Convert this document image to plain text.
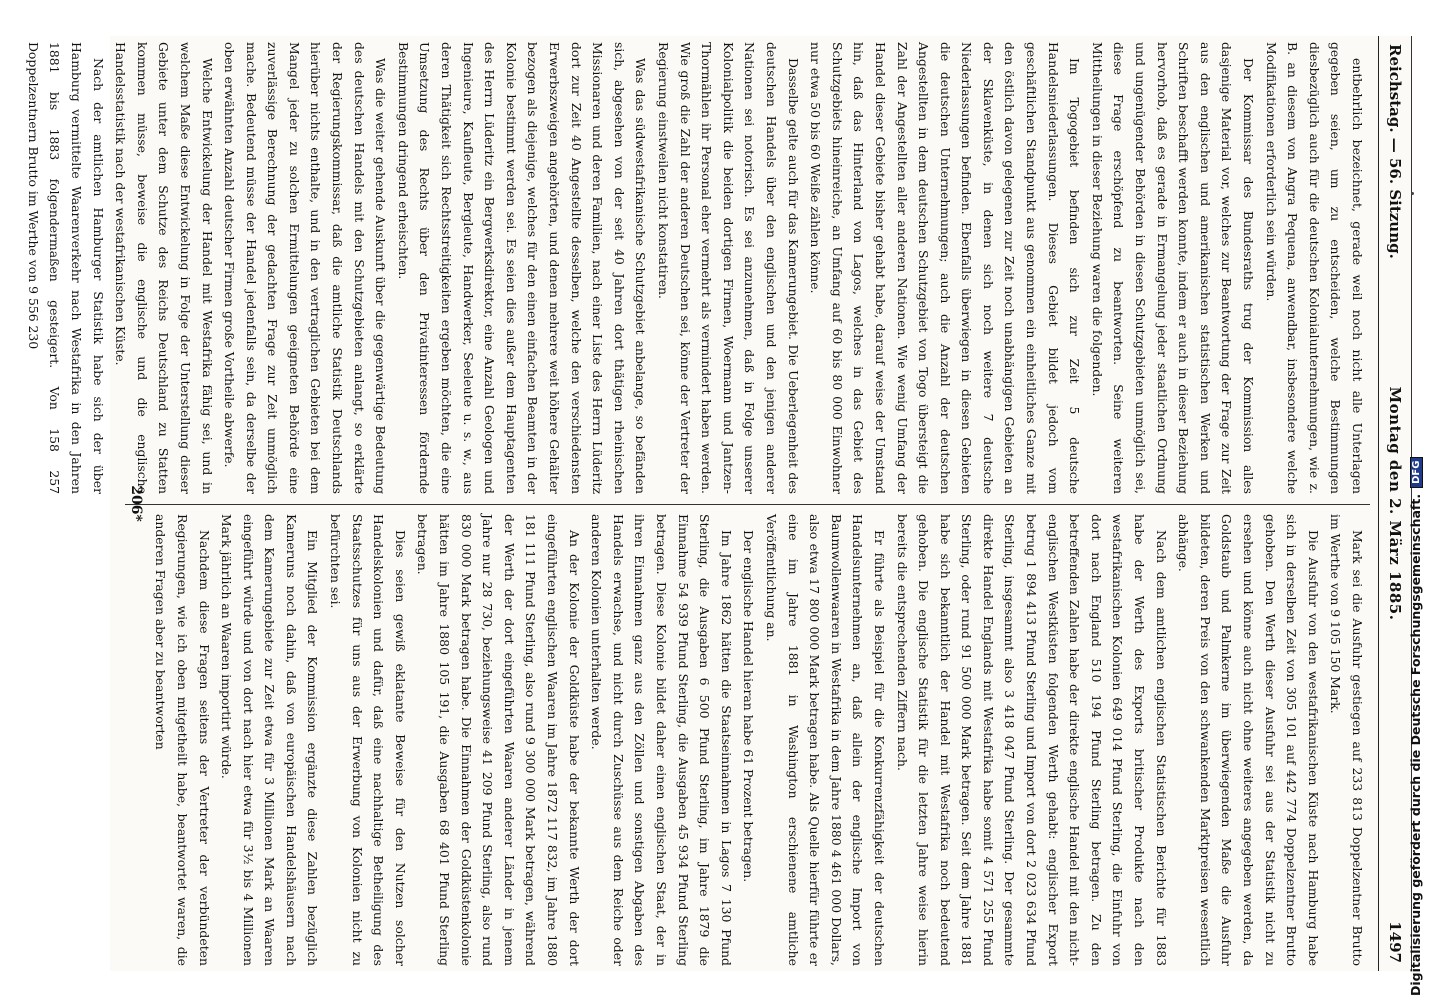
Reichstag. — 56. Sitzung.
Montag den 2. März 1885.
1497

entbehrlich bezeichnet, gerade weil noch nicht alle Unterlagen gegeben seien, um zu entscheiden, welche Bestimmungen diesbezüglich auch für die deutschen Kolonialunternehmungen, wie z. B. an diesem von Angra Pequena, anwendbar, insbesondere welche Modifikationen erforderlich sein würden.

Der Kommissar des Bundesraths trug der Kommission alles dasjenige Material vor, welches zur Beantwortung der Frage zur Zeit aus den englischen und amerikanischen statistischen Werken und Schriften beschafft werden konnte, indem er auch in dieser Beziehung hervorhob, daß es gerade in Ermangelung jeder staatlichen Ordnung und ungenügender Behörden in diesen Schutzgebieten unmöglich sei, diese Frage erschöpfend zu beantworten. Seine weiteren Mittheilungen in dieser Beziehung waren die folgenden.

Im Togogebiet befinden sich zur Zeit 5 deutsche Handelsniederlassungen. Dieses Gebiet bildet jedoch vom geschäftlichen Standpunkt aus genommen ein einheitliches Ganze mit den östlich davon gelegenen zur Zeit noch unabhängigen Gebieten an der Sklavenküste, in denen sich noch weitere 7 deutsche Niederlassungen befinden. Ebenfalls überwiegen in diesen Gebieten die deutschen Unternehmungen; auch die Anzahl der deutschen Angestellten in dem deutschen Schutzgebiet von Togo übersteigt die Zahl der Angestellten aller anderen Nationen. Wie wenig Umfang der Handel dieser Gebiete bisher gehabt habe, darauf weise der Umstand hin, daß das Hinterland von Lagos, welches in das Gebiet des Schutzgebiets hineinreiche, an Umfang auf 60 bis 80 000 Einwohner nur etwa 50 bis 60 Weiße zählen könne.

Dasselbe gelte auch für das Kamerungebiet. Die Ueberlegenheit des deutschen Handels über den englischen und den jenigen anderer Nationen sei notorisch. Es sei anzunehmen, daß in Folge unserer Kolonialpolitik die beiden dortigen Firmen, Woermann und Jantzen-Thormählen ihr Personal eher vermehrt als vermindert haben werden. Wie groß die Zahl der anderen Deutschen sei, könne der Vertreter der Regierung einstweilen nicht konstatiren.

Was das südwestafrikanische Schutzgebiet anbelange, so befänden sich, abgesehen von der seit 40 Jahren dort thätigen rheinischen Missionaren und deren Familien, nach einer Liste des Herrn Lüderitz dort zur Zeit 40 Angestellte desselben, welche den verschiedensten Erwerbszweigen angehörten, und denen mehrere weit höhere Gehälter bezogen als diejenige, welches für den einen einfachen Beamten in der Kolonie bestimmt werden sei. Es seien dies außer dem Hauptagenten des Herrn Lüderitz ein Bergwerksdirektor, eine Anzahl Geologen und Ingenieure, Kaufleute, Bergleute, Handwerker, Seeleute u. s. w., aus deren Thätigkeit sich Rechtsstreitigkeiten ergeben möchten, die eine Umsetzung des Rechts über den Privatinteressen fördernde Bestimmungen dringend erheischten.

Was die weiter gehende Auskunft über die gegenwärtige Bedeutung des deutschen Handels mit den Schutzgebieten anlangt, so erklärte der Regierungskommissar, daß die amtliche Statistik Deutschlands hierüber nichts enthalte, und in den vertraglichen Gebieten bei dem Mangel jeder zu solchen Ermittelungen geeigneten Behörde eine zuverlässige Berechnung der gedachten Frage zur Zeit unmöglich mache. Bedeutend müsse der Handel jedenfalls sein, da derselbe der oben erwähnten Anzahl deutscher Firmen große Vortheile abwerfe.

Welche Entwickelung der Handel mit Westafrika fähig sei, und in welchem Maße diese Entwickelung in Folge der Unterstellung dieser Gebiete unter dem Schutze des Reichs Deutschland zu Statten kommen müsse, beweise die englische und die englische Handelsstatistik nach der westafrikanischen Küste.

Nach der amtlichen Hamburger Statistik habe sich der über Hamburg vermittelte Waarenverkehr nach Westafrika in den Jahren 1881 bis 1883 folgendermaßen gesteigert. Von 158 257 Doppelzentnern Brutto im Werthe von 9 556 230

Mark sei die Ausfuhr gestiegen auf 233 813 Doppelzentner Brutto im Werthe von 9 105 150 Mark.

Die Ausfuhr von den westafrikanischen Küste nach Hamburg habe sich in derselben Zeit von 305 101 auf 442 774 Doppelzentner Brutto gehoben. Den Werth dieser Ausfuhr sei aus der Statistik nicht zu ersehen und könne auch nicht ohne weiteres angegeben werden, da Goldstaub und Palmkerne im überwiegenden Maße die Ausfuhr bildeten, deren Preis von den schwankenden Marktpreisen wesentlich abhänge.

Nach dem amtlichen englischen Statistischen Berichte für 1883 habe der Werth des Exports britischer Produkte nach den westafrikanischen Kolonien 649 014 Pfund Sterling, die Einfuhr von dort nach England 510 194 Pfund Sterling betragen. Zu den betreffenden Zahlen habe der direkte englische Handel mit den nicht-englischen Westküsten folgenden Werth gehabt: englischer Export betrug 1 894 413 Pfund Sterling und Import von dort 2 023 634 Pfund Sterling, insgesammt also 3 418 047 Pfund Sterling. Der gesammte direkte Handel Englands mit Westafrika habe somit 4 571 255 Pfund Sterling, oder rund 91 500 000 Mark betragen. Seit dem Jahre 1881 habe sich bekanntlich der Handel mit Westafrika noch bedeutend gehoben. Die englische Statistik für die letzten Jahre weise hierin bereits die entsprechenden Ziffern nach.

Er führte als Beispiel für die Konkurrenzfähigkeit der deutschen Handelsunternehmen an, daß allein der englische Import von Baumwollenwaaren in Westafrika in dem Jahre 1880 4 461 000 Dollars, also etwa 17 800 000 Mark betragen habe. Als Quelle hierfür führte er eine im Jahre 1881 in Washington erschienene amtliche Veröffentlichung an.

Der englische Handel hieran habe 61 Prozent betragen.

Im Jahre 1862 hätten die Staatseinnahmen in Lagos 7 130 Pfund Sterling, die Ausgaben 6 500 Pfund Sterling, im Jahre 1879 die Einnahme 54 939 Pfund Sterling, die Ausgaben 45 934 Pfund Sterling betragen. Diese Kolonie bildet daher einen englischen Staat, der in ihren Einnahmen ganz aus den Zöllen und sonstigen Abgaben des Handels erwachse, und nicht durch Zuschüsse aus dem Reiche oder anderen Kolonien unterhalten werde.

An der Kolonie der Goldküste habe der bekannte Werth der dort eingeführten englischen Waaren im Jahre 1872 117 832, im Jahre 1880 181 111 Pfund Sterling, also rund 9 300 000 Mark betragen, während der Werth der dort eingeführten Waaren anderer Länder in jenem Jahre nur 28 730, beziehungsweise 41 209 Pfund Sterling, also rund 830 000 Mark betragen habe. Die Einnahmen der Goldküstenkolonie hätten im Jahre 1880 105 191, die Ausgaben 68 401 Pfund Sterling betragen.

Dies seien gewiß eklatante Beweise für den Nutzen solcher Handelskolonien und dafür, daß eine nachhaltige Betheiligung des Staatsschutzes für uns aus der Erwerbung von Kolonien nicht zu befürchten sei.

Ein Mitglied der Kommission ergänzte diese Zahlen bezüglich Kameruns noch dahin, daß von europäischen Handelshäusern nach dem Kamerungebiete zur Zeit etwa für 3 Millionen Mark an Waaren eingeführt würde und von dort nach hier etwa für 3½ bis 4 Millionen Mark jährlich an Waaren importirt würde.

Nachdem diese Fragen seitens der Vertreter der verbündeten Regierungen, wie ich oben mitgetheilt habe, beantwortet waren, die anderen Fragen aber zu beantworten

206*	Digitalisierung gefördert durch die Deutsche Forschungsgemeinschaft.DFG
